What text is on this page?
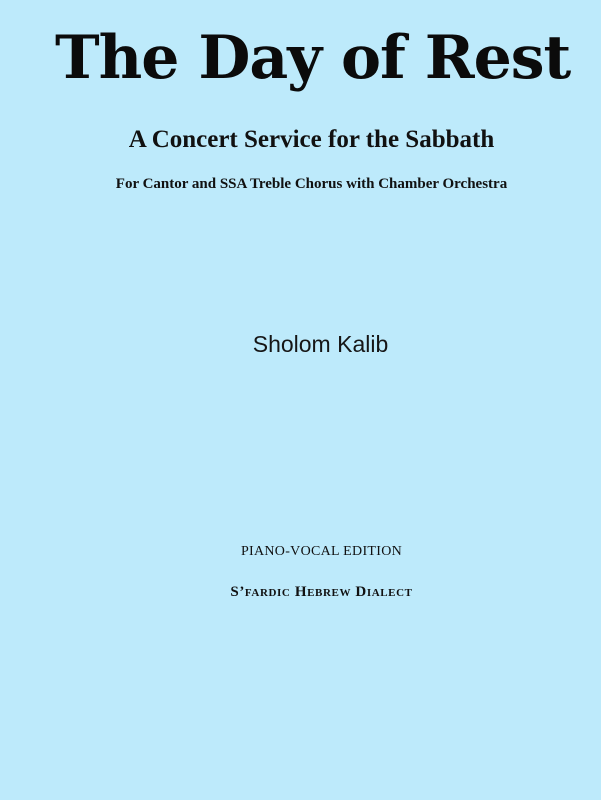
The Day of Rest
A Concert Service for the Sabbath
For Cantor and SSA Treble Chorus with Chamber Orchestra
Sholom Kalib
PIANO-VOCAL EDITION
S’fardic Hebrew Dialect
